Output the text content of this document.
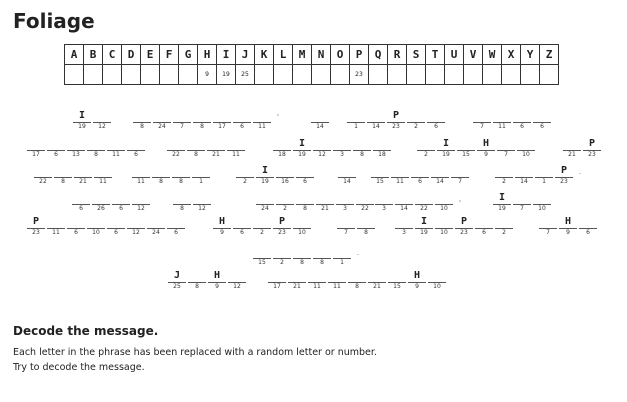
Foliage
A	B	C	D	E	F	G	H	I	J	K	L	M	N	O	P	Q	R	S	T	U	V	W	X	Y	Z
							9	19	25						23										
I
19	12	8	24	7	8	17	6	11
'
14	1	14
P
23	2	6	7	11	6	6
17	6	13	8	11	6	22	8	21	11	18
I
19	12	3	8	18	2
I
19	15
H
9	7	10	21
P
23
22	8	21	11	11	8	8	1	2
I
19	16	6	14	15	11	6	14	7	2	14	1
P
23
.
6	26	6	12	8	12	24	2	8	21	3	22	3	14	22	10
,	I
19	7	10
P
23	11	6	10	6	12	24	6
H
9	6	2
P
23	10	7	8	3
I
19	10
P
23	6	2	7
H
9	6
15	2	8	8	1
.
J
25	8
H
9	12	17	21	11	11	8	21	15
H
9	10
Decode the message.
Each letter in the phrase has been replaced with a random letter or number.
Try to decode the message.
